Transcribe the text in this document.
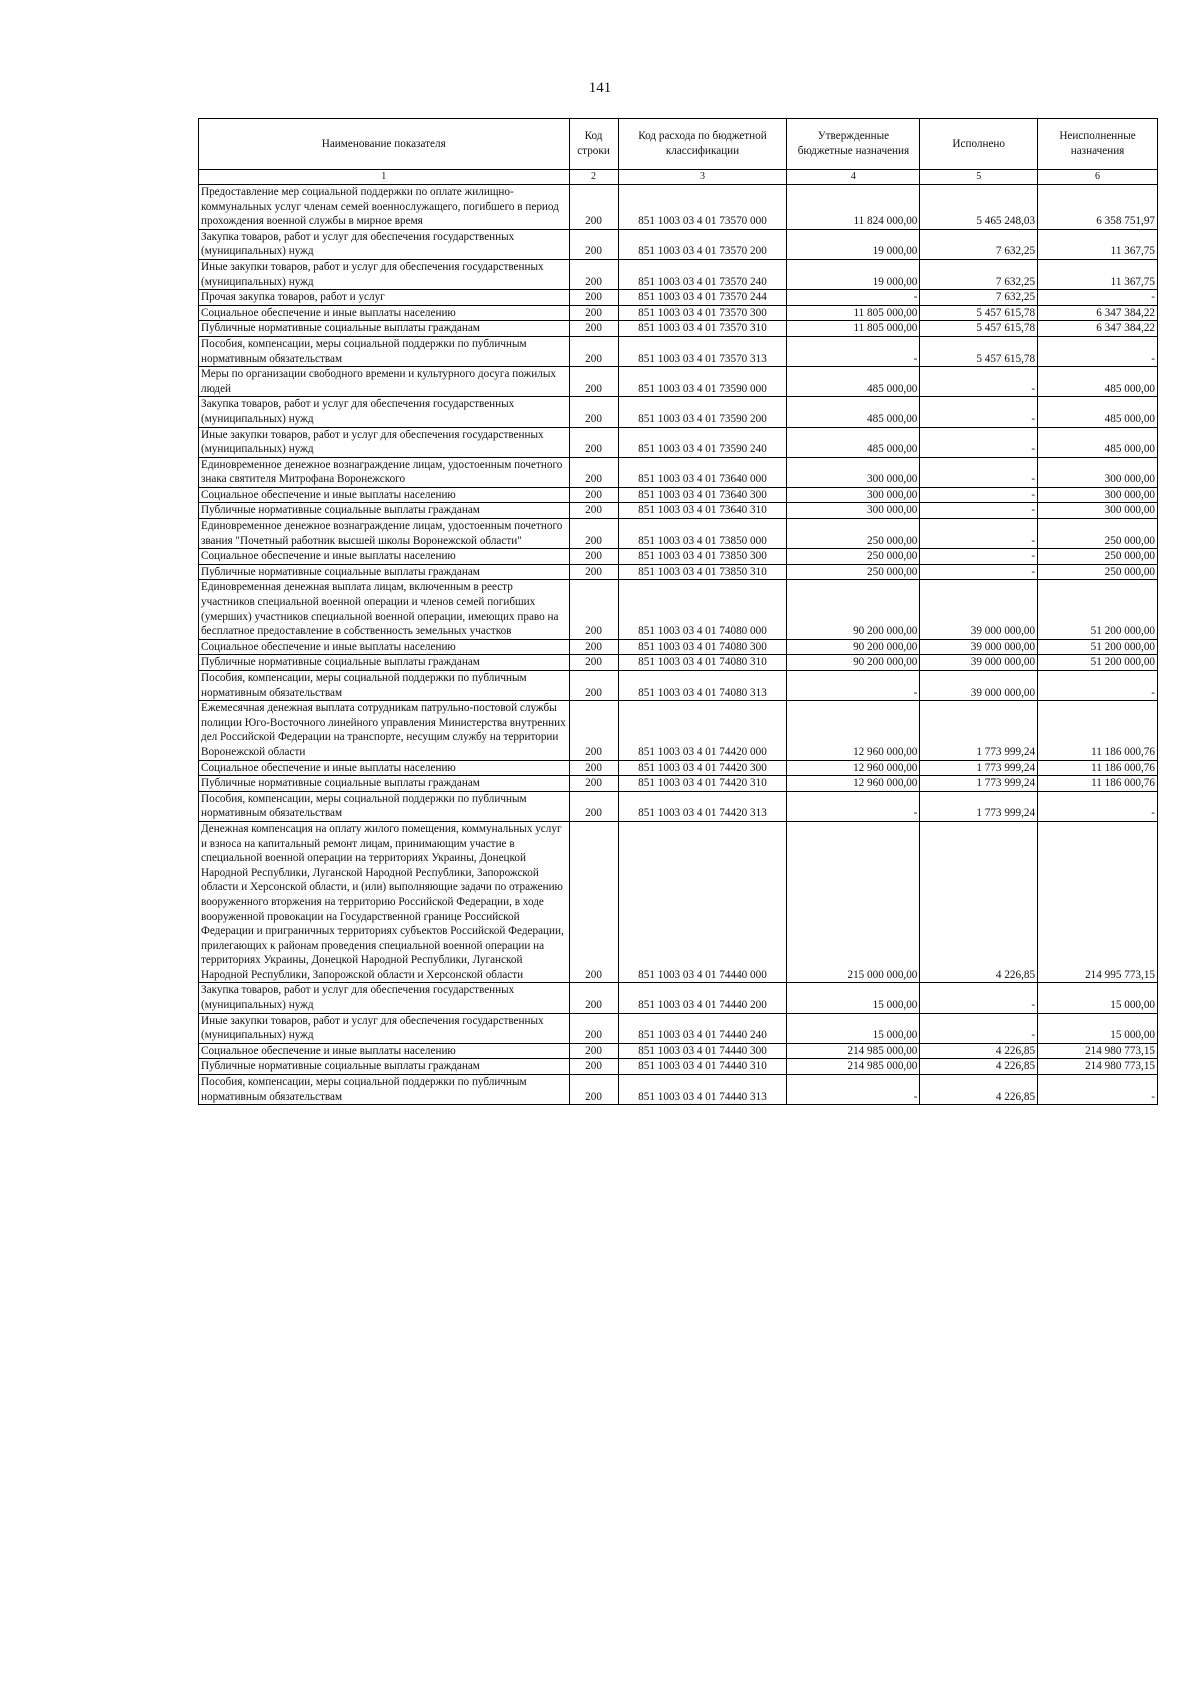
141
Наименование показателя	Код строки	Код расхода по бюджетной классификации	Утвержденные бюджетные назначения	Исполнено	Неисполненные назначения
1	2	3	4	5	6
Предоставление мер социальной поддержки по оплате жилищно-коммунальных услуг членам семей военнослужащего, погибшего в период прохождения военной службы в мирное время	200	851 1003 03 4 01 73570 000	11 824 000,00	5 465 248,03	6 358 751,97
Закупка товаров, работ и услуг для обеспечения государственных (муниципальных) нужд	200	851 1003 03 4 01 73570 200	19 000,00	7 632,25	11 367,75
Иные закупки товаров, работ и услуг для обеспечения государственных (муниципальных) нужд	200	851 1003 03 4 01 73570 240	19 000,00	7 632,25	11 367,75
Прочая закупка товаров, работ и услуг	200	851 1003 03 4 01 73570 244	-	7 632,25	-
Социальное обеспечение и иные выплаты населению	200	851 1003 03 4 01 73570 300	11 805 000,00	5 457 615,78	6 347 384,22
Публичные нормативные социальные выплаты гражданам	200	851 1003 03 4 01 73570 310	11 805 000,00	5 457 615,78	6 347 384,22
Пособия, компенсации, меры социальной поддержки по публичным нормативным обязательствам	200	851 1003 03 4 01 73570 313	-	5 457 615,78	-
Меры по организации свободного времени и культурного досуга пожилых людей	200	851 1003 03 4 01 73590 000	485 000,00	-	485 000,00
Закупка товаров, работ и услуг для обеспечения государственных (муниципальных) нужд	200	851 1003 03 4 01 73590 200	485 000,00	-	485 000,00
Иные закупки товаров, работ и услуг для обеспечения государственных (муниципальных) нужд	200	851 1003 03 4 01 73590 240	485 000,00	-	485 000,00
Единовременное денежное вознаграждение лицам, удостоенным почетного знака святителя Митрофана Воронежского	200	851 1003 03 4 01 73640 000	300 000,00	-	300 000,00
Социальное обеспечение и иные выплаты населению	200	851 1003 03 4 01 73640 300	300 000,00	-	300 000,00
Публичные нормативные социальные выплаты гражданам	200	851 1003 03 4 01 73640 310	300 000,00	-	300 000,00
Единовременное денежное вознаграждение лицам, удостоенным почетного звания "Почетный работник высшей школы Воронежской области"	200	851 1003 03 4 01 73850 000	250 000,00	-	250 000,00
Социальное обеспечение и иные выплаты населению	200	851 1003 03 4 01 73850 300	250 000,00	-	250 000,00
Публичные нормативные социальные выплаты гражданам	200	851 1003 03 4 01 73850 310	250 000,00	-	250 000,00
Единовременная денежная выплата лицам, включенным в реестр участников специальной военной операции и членов семей погибших (умерших) участников специальной военной операции, имеющих право на бесплатное предоставление в собственность земельных участков	200	851 1003 03 4 01 74080 000	90 200 000,00	39 000 000,00	51 200 000,00
Социальное обеспечение и иные выплаты населению	200	851 1003 03 4 01 74080 300	90 200 000,00	39 000 000,00	51 200 000,00
Публичные нормативные социальные выплаты гражданам	200	851 1003 03 4 01 74080 310	90 200 000,00	39 000 000,00	51 200 000,00
Пособия, компенсации, меры социальной поддержки по публичным нормативным обязательствам	200	851 1003 03 4 01 74080 313	-	39 000 000,00	-
Ежемесячная денежная выплата сотрудникам патрульно-постовой службы полиции Юго-Восточного линейного управления Министерства внутренних дел Российской Федерации на транспорте, несущим службу на территории Воронежской области	200	851 1003 03 4 01 74420 000	12 960 000,00	1 773 999,24	11 186 000,76
Социальное обеспечение и иные выплаты населению	200	851 1003 03 4 01 74420 300	12 960 000,00	1 773 999,24	11 186 000,76
Публичные нормативные социальные выплаты гражданам	200	851 1003 03 4 01 74420 310	12 960 000,00	1 773 999,24	11 186 000,76
Пособия, компенсации, меры социальной поддержки по публичным нормативным обязательствам	200	851 1003 03 4 01 74420 313	-	1 773 999,24	-
Денежная компенсация на оплату жилого помещения, коммунальных услуг и взноса на капитальный ремонт лицам, принимающим участие в специальной военной операции на территориях Украины, Донецкой Народной Республики, Луганской Народной Республики, Запорожской области и Херсонской области, и (или) выполняющие задачи по отражению вооруженного вторжения на территорию Российской Федерации, в ходе вооруженной провокации на Государственной границе Российской Федерации и приграничных территориях субъектов Российской Федерации, прилегающих к районам проведения специальной военной операции на территориях Украины, Донецкой Народной Республики, Луганской Народной Республики, Запорожской области и Херсонской области	200	851 1003 03 4 01 74440 000	215 000 000,00	4 226,85	214 995 773,15
Закупка товаров, работ и услуг для обеспечения государственных (муниципальных) нужд	200	851 1003 03 4 01 74440 200	15 000,00	-	15 000,00
Иные закупки товаров, работ и услуг для обеспечения государственных (муниципальных) нужд	200	851 1003 03 4 01 74440 240	15 000,00	-	15 000,00
Социальное обеспечение и иные выплаты населению	200	851 1003 03 4 01 74440 300	214 985 000,00	4 226,85	214 980 773,15
Публичные нормативные социальные выплаты гражданам	200	851 1003 03 4 01 74440 310	214 985 000,00	4 226,85	214 980 773,15
Пособия, компенсации, меры социальной поддержки по публичным нормативным обязательствам	200	851 1003 03 4 01 74440 313	-	4 226,85	-
